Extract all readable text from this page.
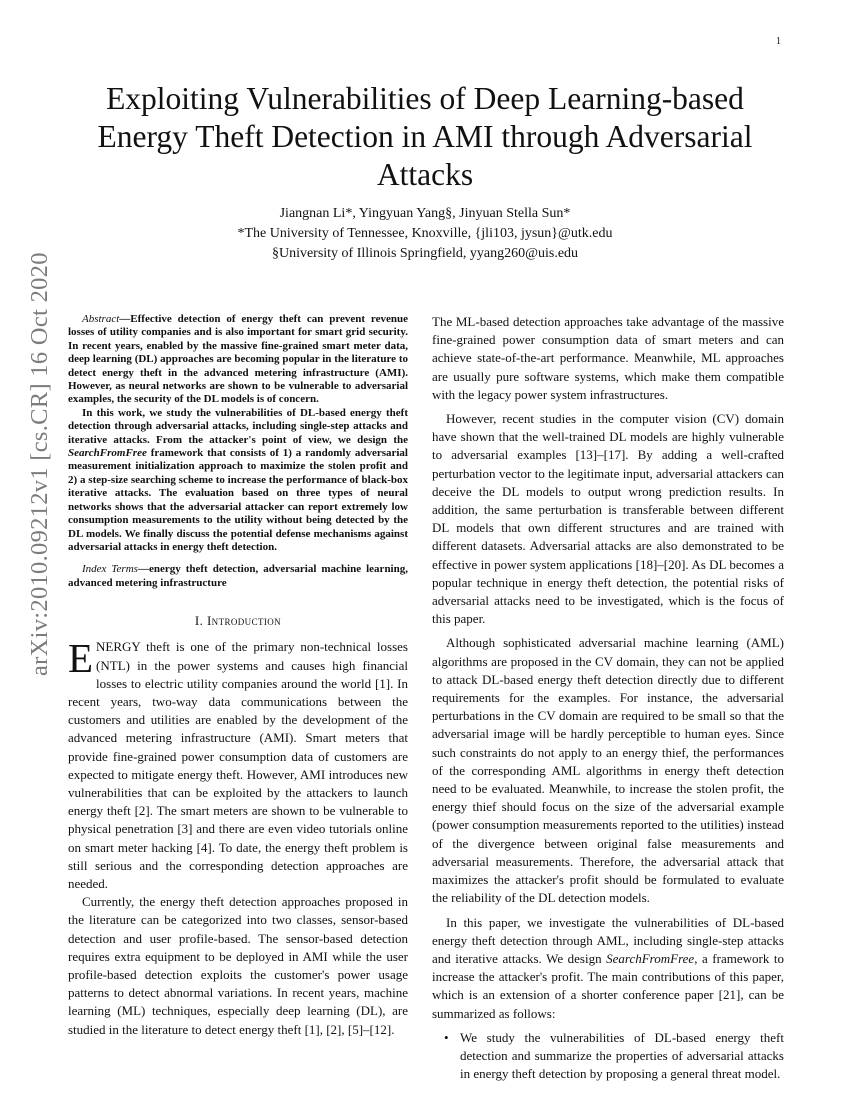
1
arXiv:2010.09212v1 [cs.CR] 16 Oct 2020
Exploiting Vulnerabilities of Deep Learning-based
Energy Theft Detection in AMI through Adversarial
Attacks
Jiangnan Li*, Yingyuan Yang§, Jinyuan Stella Sun*
*The University of Tennessee, Knoxville, {jli103, jysun}@utk.edu
§University of Illinois Springfield, yyang260@uis.edu

Abstract—Effective detection of energy theft can prevent revenue losses of utility companies and is also important for smart grid security. In recent years, enabled by the massive fine-grained smart meter data, deep learning (DL) approaches are becoming popular in the literature to detect energy theft in the advanced metering infrastructure (AMI). However, as neural networks are shown to be vulnerable to adversarial examples, the security of the DL models is of concern.

In this work, we study the vulnerabilities of DL-based energy theft detection through adversarial attacks, including single-step attacks and iterative attacks. From the attacker's point of view, we design the SearchFromFree framework that consists of 1) a randomly adversarial measurement initialization approach to maximize the stolen profit and 2) a step-size searching scheme to increase the performance of black-box iterative attacks. The evaluation based on three types of neural networks shows that the adversarial attacker can report extremely low consumption measurements to the utility without being detected by the DL models. We finally discuss the potential defense mechanisms against adversarial attacks in energy theft detection.

Index Terms—energy theft detection, adversarial machine learning, advanced metering infrastructure

I. Introduction

ENERGY theft is one of the primary non-technical losses (NTL) in the power systems and causes high financial losses to electric utility companies around the world [1]. In recent years, two-way data communications between the customers and utilities are enabled by the development of the advanced metering infrastructure (AMI). Smart meters that provide fine-grained power consumption data of customers are expected to mitigate energy theft. However, AMI introduces new vulnerabilities that can be exploited by the attackers to launch energy theft [2]. The smart meters are shown to be vulnerable to physical penetration [3] and there are even video tutorials online on smart meter hacking [4]. To date, the energy theft problem is still serious and the corresponding detection approaches are needed.

Currently, the energy theft detection approaches proposed in the literature can be categorized into two classes, sensor-based detection and user profile-based. The sensor-based detection requires extra equipment to be deployed in AMI while the user profile-based detection exploits the customer's power usage patterns to detect abnormal variations. In recent years, machine learning (ML) techniques, especially deep learning (DL), are studied in the literature to detect energy theft [1], [2], [5]–[12].

The ML-based detection approaches take advantage of the massive fine-grained power consumption data of smart meters and can achieve state-of-the-art performance. Meanwhile, ML approaches are usually pure software systems, which make them compatible with the legacy power system infrastructures.

However, recent studies in the computer vision (CV) domain have shown that the well-trained DL models are highly vulnerable to adversarial examples [13]–[17]. By adding a well-crafted perturbation vector to the legitimate input, adversarial attackers can deceive the DL models to output wrong prediction results. In addition, the same perturbation is transferable between different DL models that own different structures and are trained with different datasets. Adversarial attacks are also demonstrated to be effective in power system applications [18]–[20]. As DL becomes a popular technique in energy theft detection, the potential risks of adversarial attacks need to be investigated, which is the focus of this paper.

Although sophisticated adversarial machine learning (AML) algorithms are proposed in the CV domain, they can not be applied to attack DL-based energy theft detection directly due to different requirements for the examples. For instance, the adversarial perturbations in the CV domain are required to be small so that the adversarial image will be hardly perceptible to human eyes. Since such constraints do not apply to an energy thief, the performances of the corresponding AML algorithms in energy theft detection need to be evaluated. Meanwhile, to increase the stolen profit, the energy thief should focus on the size of the adversarial example (power consumption measurements reported to the utilities) instead of the divergence between original false measurements and adversarial measurements. Therefore, the adversarial attack that maximizes the attacker's profit should be formulated to evaluate the reliability of the DL detection models.

In this paper, we investigate the vulnerabilities of DL-based energy theft detection through AML, including single-step attacks and iterative attacks. We design SearchFromFree, a framework to increase the attacker's profit. The main contributions of this paper, which is an extension of a shorter conference paper [21], can be summarized as follows:

• We study the vulnerabilities of DL-based energy theft detection and summarize the properties of adversarial attacks in energy theft detection by proposing a general threat model.
